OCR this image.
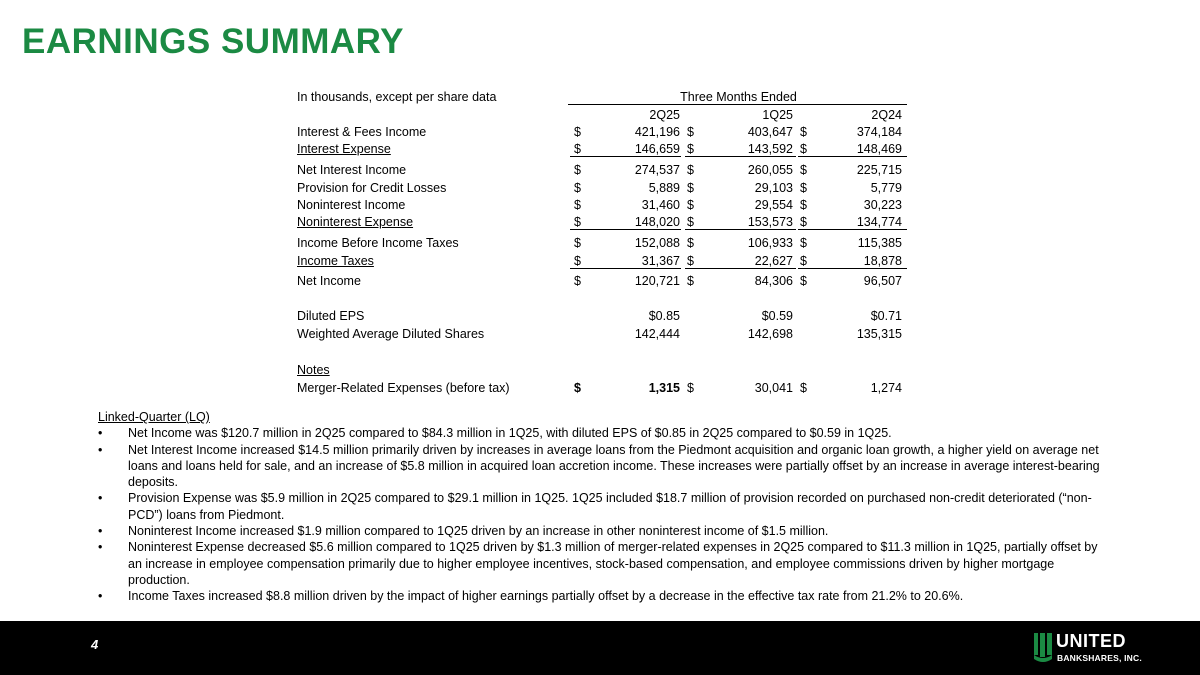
EARNINGS SUMMARY
In thousands, except per share data	Three Months Ended
2Q25	1Q25	2Q24
Interest & Fees Income	$	421,196 $	403,647 $	374,184
Interest Expense	$	146,659 $	143,592 $	148,469
Net Interest Income	$	274,537 $	260,055 $	225,715
Provision for Credit Losses	$	5,889 $	29,103 $	5,779
Noninterest Income	$	31,460 $	29,554 $	30,223
Noninterest Expense	$	148,020 $	153,573 $	134,774
Income Before Income Taxes	$	152,088 $	106,933 $	115,385
Income Taxes	$	31,367 $	22,627 $	18,878
Net Income	$	120,721 $	84,306 $	96,507
Diluted EPS	$0.85	$0.59	$0.71
Weighted Average Diluted Shares	142,444	142,698	135,315
Notes
Merger-Related Expenses (before tax)	$	1,315 $	30,041 $	1,274
Linked-Quarter (LQ)
• Net Income was $120.7 million in 2Q25 compared to $84.3 million in 1Q25, with diluted EPS of $0.85 in 2Q25 compared to $0.59 in 1Q25.
• Net Interest Income increased $14.5 million primarily driven by increases in average loans from the Piedmont acquisition and organic loan growth, a higher yield on average net loans and loans held for sale, and an increase of $5.8 million in acquired loan accretion income. These increases were partially offset by an increase in average interest-bearing deposits.
• Provision Expense was $5.9 million in 2Q25 compared to $29.1 million in 1Q25. 1Q25 included $18.7 million of provision recorded on purchased non-credit deteriorated (“non-PCD”) loans from Piedmont.
• Noninterest Income increased $1.9 million compared to 1Q25 driven by an increase in other noninterest income of $1.5 million.
• Noninterest Expense decreased $5.6 million compared to 1Q25 driven by $1.3 million of merger-related expenses in 2Q25 compared to $11.3 million in 1Q25, partially offset by an increase in employee compensation primarily due to higher employee incentives, stock-based compensation, and employee commissions driven by higher mortgage production.
• Income Taxes increased $8.8 million driven by the impact of higher earnings partially offset by a decrease in the effective tax rate from 21.2% to 20.6%.
4	UNITED
BANKSHARES, INC.
